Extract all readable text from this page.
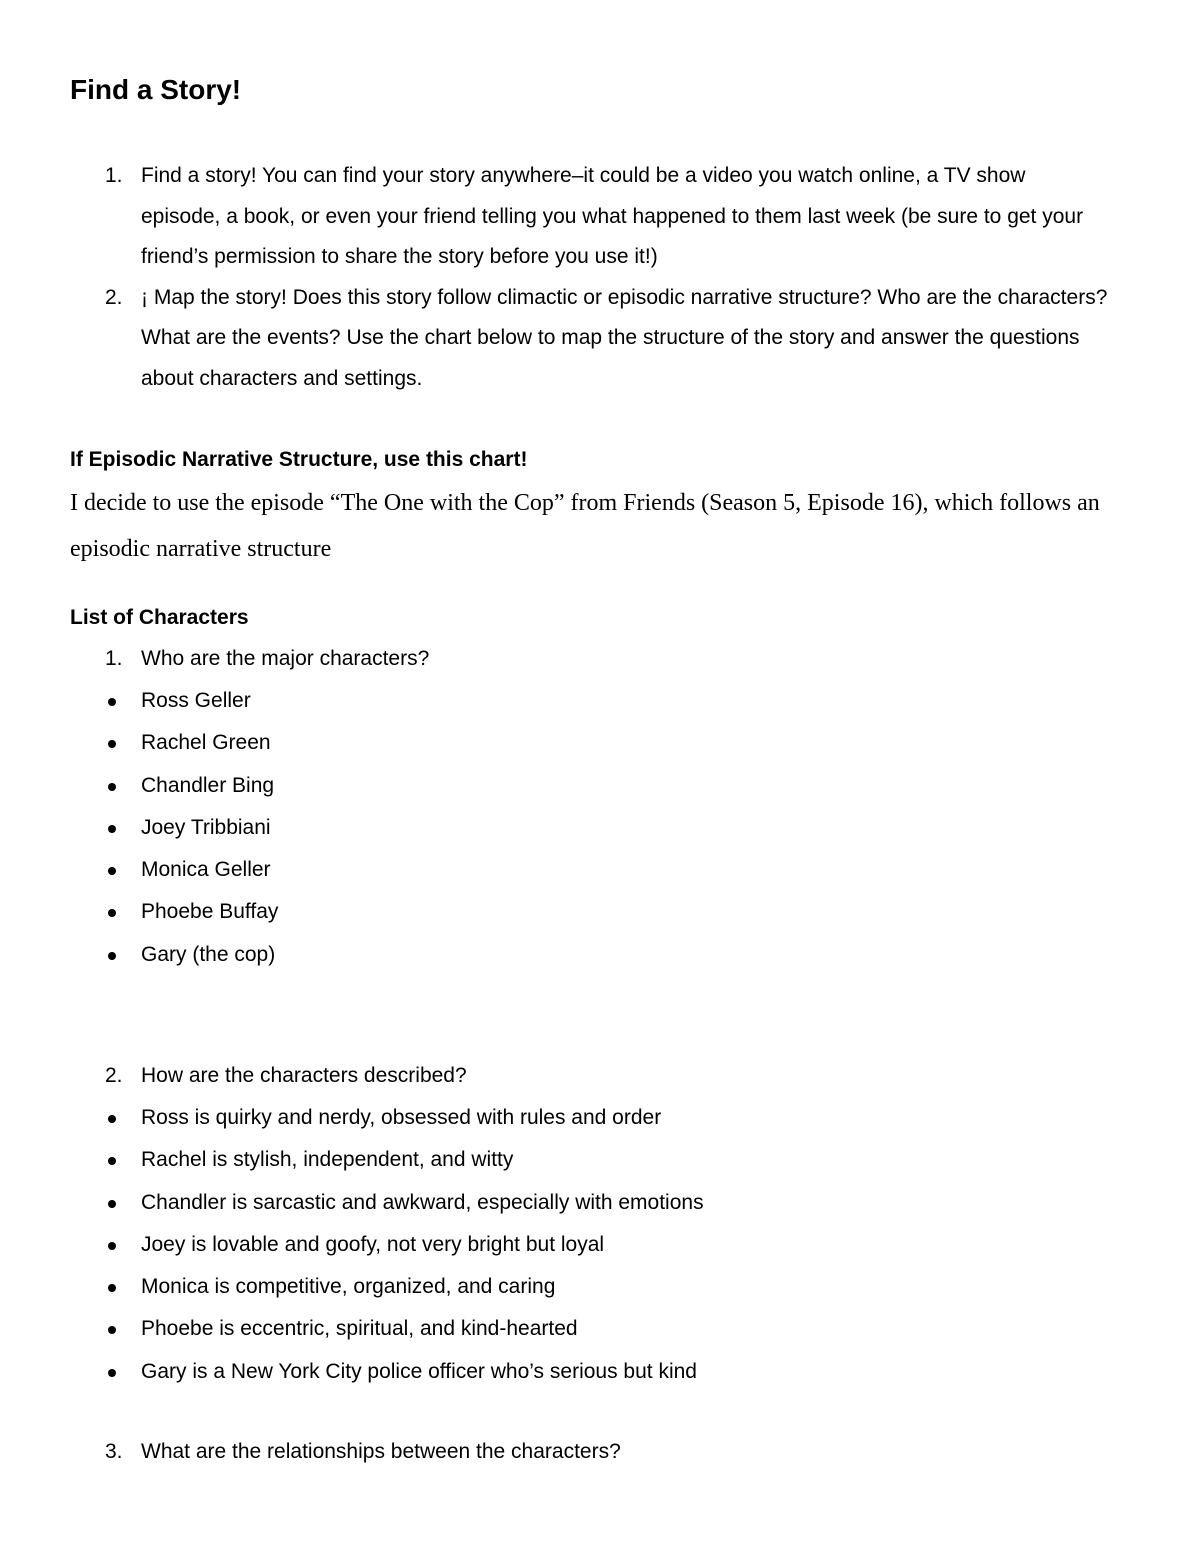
Find a Story!
1. Find a story! You can find your story anywhere–it could be a video you watch online, a TV show episode, a book, or even your friend telling you what happened to them last week (be sure to get your friend’s permission to share the story before you use it!)
2. ¡ Map the story! Does this story follow climactic or episodic narrative structure? Who are the characters? What are the events? Use the chart below to map the structure of the story and answer the questions about characters and settings.
If Episodic Narrative Structure, use this chart!
I decide to use the episode “The One with the Cop” from Friends (Season 5, Episode 16), which follows an episodic narrative structure
List of Characters
1. Who are the major characters?
Ross Geller
Rachel Green
Chandler Bing
Joey Tribbiani
Monica Geller
Phoebe Buffay
Gary (the cop)
2. How are the characters described?
Ross is quirky and nerdy, obsessed with rules and order
Rachel is stylish, independent, and witty
Chandler is sarcastic and awkward, especially with emotions
Joey is lovable and goofy, not very bright but loyal
Monica is competitive, organized, and caring
Phoebe is eccentric, spiritual, and kind-hearted
Gary is a New York City police officer who’s serious but kind
3. What are the relationships between the characters?
